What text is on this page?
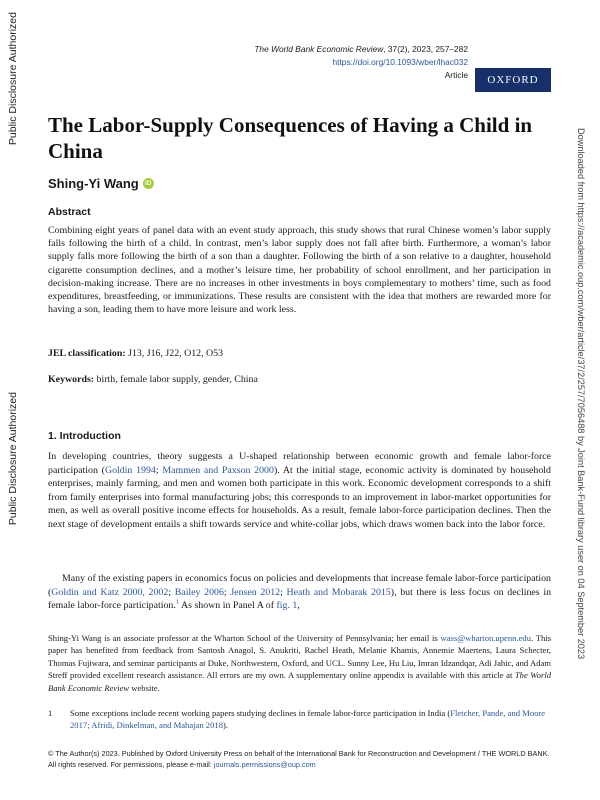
Public Disclosure Authorized
Public Disclosure Authorized	Downloaded from https://academic.oup.com/wber/article/37/2/257/7056488 by Joint Bank-Fund library user on 04 September 2023
The World Bank Economic Review, 37(2), 2023, 257–282
https://doi.org/10.1093/wber/lhac032
Article	OXFORD
The Labor-Supply Consequences of Having a Child in China
Shing-Yi Wang iD
Abstract

Combining eight years of panel data with an event study approach, this study shows that rural Chinese women’s labor supply falls following the birth of a child. In contrast, men’s labor supply does not fall after birth. Furthermore, a woman’s labor supply falls more following the birth of a son than a daughter. Following the birth of a son relative to a daughter, household cigarette consumption declines, and a mother’s leisure time, her probability of school enrollment, and her participation in decision-making increase. There are no increases in other investments in boys complementary to mothers’ time, such as food expenditures, breastfeeding, or immunizations. These results are consistent with the idea that mothers are rewarded more for having a son, leading them to have more leisure and work less.

JEL classification: J13, J16, J22, O12, O53

Keywords: birth, female labor supply, gender, China

1. Introduction

In developing countries, theory suggests a U-shaped relationship between economic growth and female labor-force participation (Goldin 1994; Mammen and Paxson 2000). At the initial stage, economic activity is dominated by household enterprises, mainly farming, and men and women both participate in this work. Economic development corresponds to a shift from family enterprises into formal manufacturing jobs; this corresponds to an improvement in labor-market opportunities for men, as well as overall positive income effects for households. As a result, female labor-force participation declines. Then the next stage of development entails a shift towards service and white-collar jobs, which draws women back into the labor force.

Many of the existing papers in economics focus on policies and developments that increase female labor-force participation (Goldin and Katz 2000, 2002; Bailey 2006; Jensen 2012; Heath and Mobarak 2015), but there is less focus on declines in female labor-force participation.$^1$ As shown in Panel A of fig. 1,

Shing-Yi Wang is an associate professor at the Wharton School of the University of Pennsylvania; her email is wass@wharton.upenn.edu. This paper has benefited from feedback from Santosh Anagol, S. Anukriti, Rachel Heath, Melanie Khamis, Annemie Maertens, Laura Schecter, Thomas Fujiwara, and seminar participants at Duke, Northwestern, Oxford, and UCL. Sunny Lee, Hu Liu, Imran Idzandqar, Adi Jahic, and Adam Streff provided excellent research assistance. All errors are my own. A supplementary online appendix is available with this article at The World Bank Economic Review website.

1	Some exceptions include recent working papers studying declines in female labor-force participation in India (Fletcher, Pande, and Moore 2017; Afridi, Dinkelman, and Mahajan 2018).

© The Author(s) 2023. Published by Oxford University Press on behalf of the International Bank for Reconstruction and Development / THE WORLD BANK.
All rights reserved. For permissions, please e-mail: journals.permissions@oup.com
